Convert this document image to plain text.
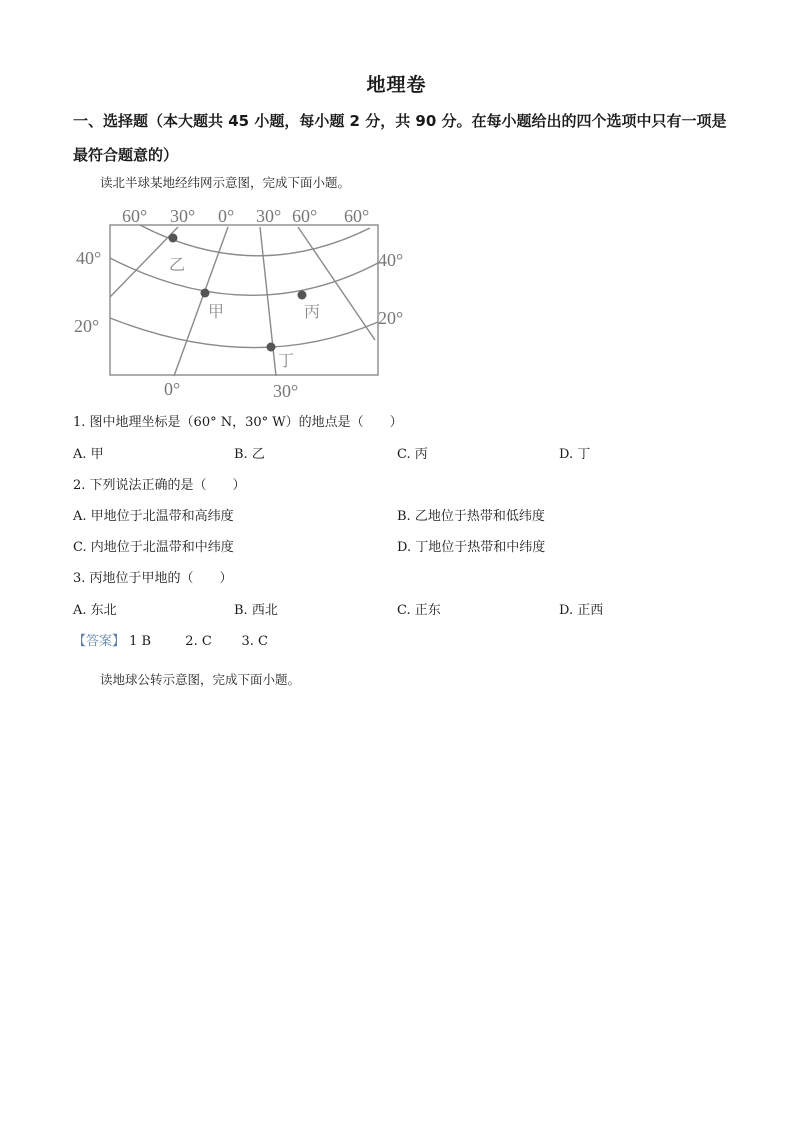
地理卷
一、选择题（本大题共 45 小题，每小题 2 分，共 90 分。在每小题给出的四个选项中只有一项是最符合题意的）
读北半球某地经纬网示意图，完成下面小题。
60° 30° 0° 30° 60° 60°
40°
20°
40°
20°
0°	30°
乙
甲	丙
丁
1. 图中地理坐标是（60° N，30° W）的地点是（　　）
A. 甲	B. 乙	C. 丙	D. 丁
2. 下列说法正确的是（　　）
A. 甲地位于北温带和高纬度	B. 乙地位于热带和低纬度
C. 内地位于北温带和中纬度	D. 丁地位于热带和中纬度
3. 丙地位于甲地的（　　）
A. 东北	B. 西北	C. 正东	D. 正西
【答案】 1 B	2. C 3. C
读地球公转示意图，完成下面小题。
